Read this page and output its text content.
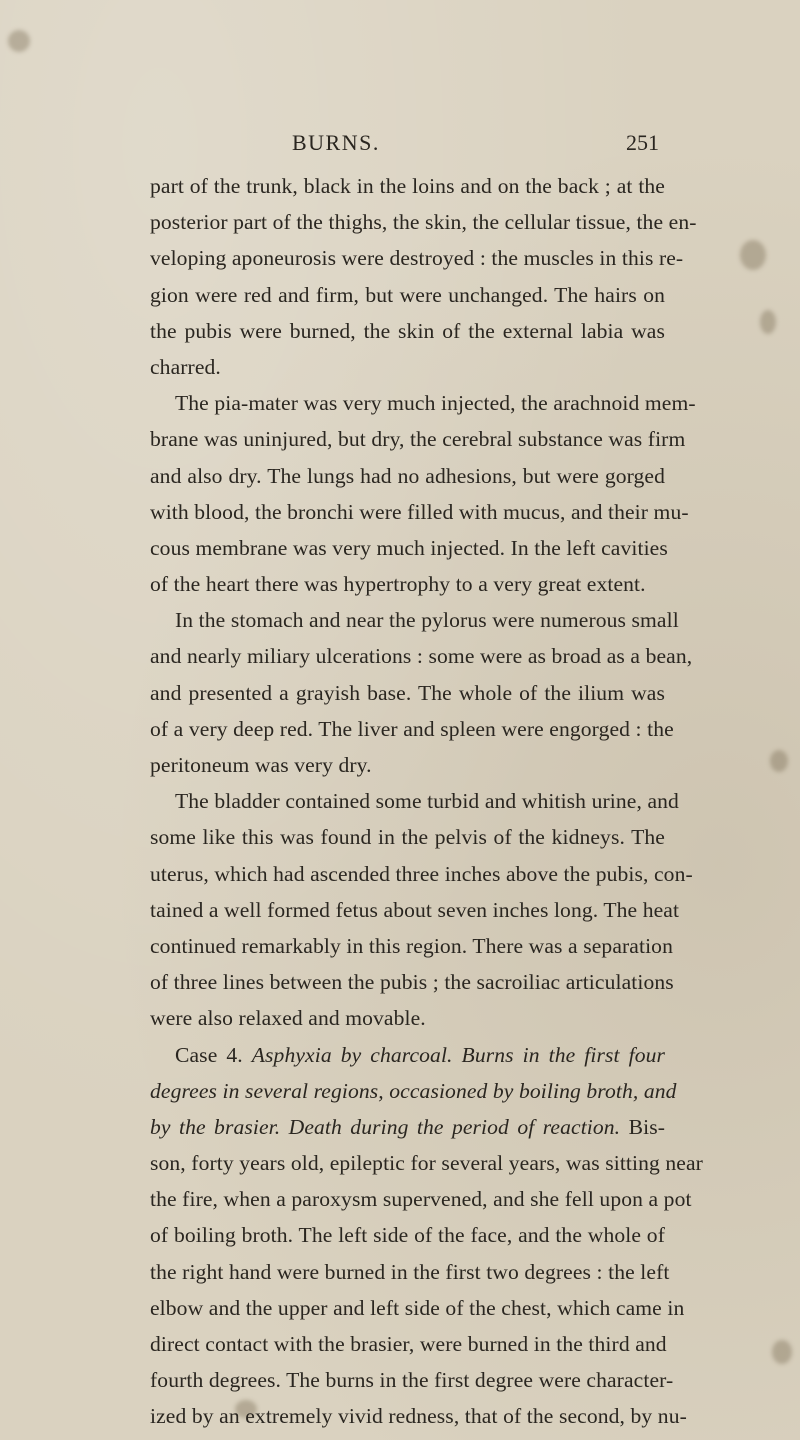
BURNS.	251
part of the trunk, black in the loins and on the back ; at the
posterior part of the thighs, the skin, the cellular tissue, the en-
veloping aponeurosis were destroyed : the muscles in this re-
gion were red and firm, but were unchanged. The hairs on
the pubis were burned, the skin of the external labia was
charred.
The pia-mater was very much injected, the arachnoid mem-
brane was uninjured, but dry, the cerebral substance was firm
and also dry. The lungs had no adhesions, but were gorged
with blood, the bronchi were filled with mucus, and their mu-
cous membrane was very much injected. In the left cavities
of the heart there was hypertrophy to a very great extent.
In the stomach and near the pylorus were numerous small
and nearly miliary ulcerations : some were as broad as a bean,
and presented a grayish base. The whole of the ilium was
of a very deep red. The liver and spleen were engorged : the
peritoneum was very dry.
The bladder contained some turbid and whitish urine, and
some like this was found in the pelvis of the kidneys. The
uterus, which had ascended three inches above the pubis, con-
tained a well formed fetus about seven inches long. The heat
continued remarkably in this region. There was a separation
of three lines between the pubis ; the sacroiliac articulations
were also relaxed and movable.
Case 4. Asphyxia by charcoal. Burns in the first four
degrees in several regions, occasioned by boiling broth, and
by the brasier. Death during the period of reaction. Bis-
son, forty years old, epileptic for several years, was sitting near
the fire, when a paroxysm supervened, and she fell upon a pot
of boiling broth. The left side of the face, and the whole of
the right hand were burned in the first two degrees : the left
elbow and the upper and left side of the chest, which came in
direct contact with the brasier, were burned in the third and
fourth degrees. The burns in the first degree were character-
ized by an extremely vivid redness, that of the second, by nu-
